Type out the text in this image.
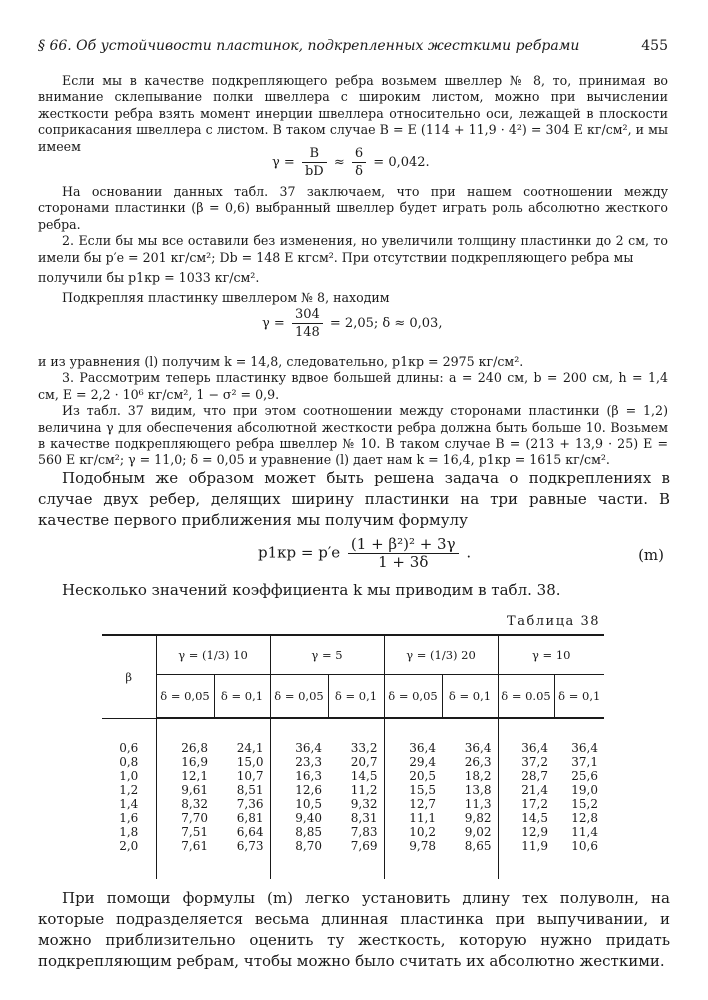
§ 66. Об устойчивости пластинок, подкрепленных жесткими ребрами	455

Если мы в качестве подкрепляющего ребра возьмем швеллер № 8, то, принимая во внимание склепывание полки швеллера с широким листом, можно при вычислении жесткости ребра взять момент инерции швеллера относительно оси, лежащей в плоскости соприкасания швеллера с листом. В таком случае B = E (114 + 11,9 · 4²) = 304 E кг/см², и мы имеем

$\gamma = \frac{B}{bD} \approx \frac{6}{\delta} = 0,042$.

На основании данных табл. 37 заключаем, что при нашем соотношении между сторонами пластинки (β = 0,6) выбранный швеллер будет играть роль абсолютно жесткого ребра.

2. Если бы мы все оставили без изменения, но увеличили толщину пластинки до 2 см, то имели бы p′e = 201 кг/см²; Db = 148 E кгсм². При отсутствии подкрепляющего ребра мы

получили бы p1кр = 1033 кг/см².

Подкрепляя пластинку швеллером № 8, находим

$\gamma = \frac{304}{148} = 2,05$; δ ≈ 0,03,

и из уравнения (l) получим k = 14,8, следовательно, p1кр = 2975 кг/см².

3. Рассмотрим теперь пластинку вдвое большей длины: a = 240 см, b = 200 см, h = 1,4 см, E = 2,2 · 10⁶ кг/см², 1 − σ² = 0,9.

Из табл. 37 видим, что при этом соотношении между сторонами пластинки (β = 1,2) величина γ для обеспечения абсолютной жесткости ребра должна быть больше 10. Возьмем в качестве подкрепляющего ребра швеллер № 10. В таком случае B = (213 + 13,9 · 25) E = 560 E кг/см²; γ = 11,0; δ = 0,05 и уравнение (l) дает нам k = 16,4, p1кр = 1615 кг/см².

Подобным же образом может быть решена задача о подкреплениях в случае двух ребер, делящих ширину пластинки на три равные части. В качестве первого приближения мы получим формулу

$p1кр = p'e \frac{\text{(1 + β²)² + 3γ}}{1 + 3\delta}$ .	(m)

Несколько значений коэффициента k мы приводим в табл. 38.

Таблица 38
β	γ = (1/3) 10		γ = 5		γ = (1/3) 20		γ = 10	
	δ = 0,05	δ = 0,1	δ = 0,05	δ = 0,1	δ = 0,05	δ = 0,1	δ = 0.05	δ = 0,1
0,6	26,8	24,1	36,4	33,2	36,4	36,4	36,4	36,4
0,8	16,9	15,0	23,3	20,7	29,4	26,3	37,2	37,1
1,0	12,1	10,7	16,3	14,5	20,5	18,2	28,7	25,6
1,2	9,61	8,51	12,6	11,2	15,5	13,8	21,4	19,0
1,4	8,32	7,36	10,5	9,32	12,7	11,3	17,2	15,2
1,6	7,70	6,81	9,40	8,31	11,1	9,82	14,5	12,8
1,8	7,51	6,64	8,85	7,83	10,2	9,02	12,9	11,4
2,0	7,61	6,73	8,70	7,69	9,78	8,65	11,9	10,6

При помощи формулы (m) легко установить длину тех полуволн, на которые подразделяется весьма длинная пластинка при выпучивании, и можно приблизительно оценить ту жесткость, которую нужно придать подкрепляющим ребрам, чтобы можно было считать их абсолютно жесткими.
